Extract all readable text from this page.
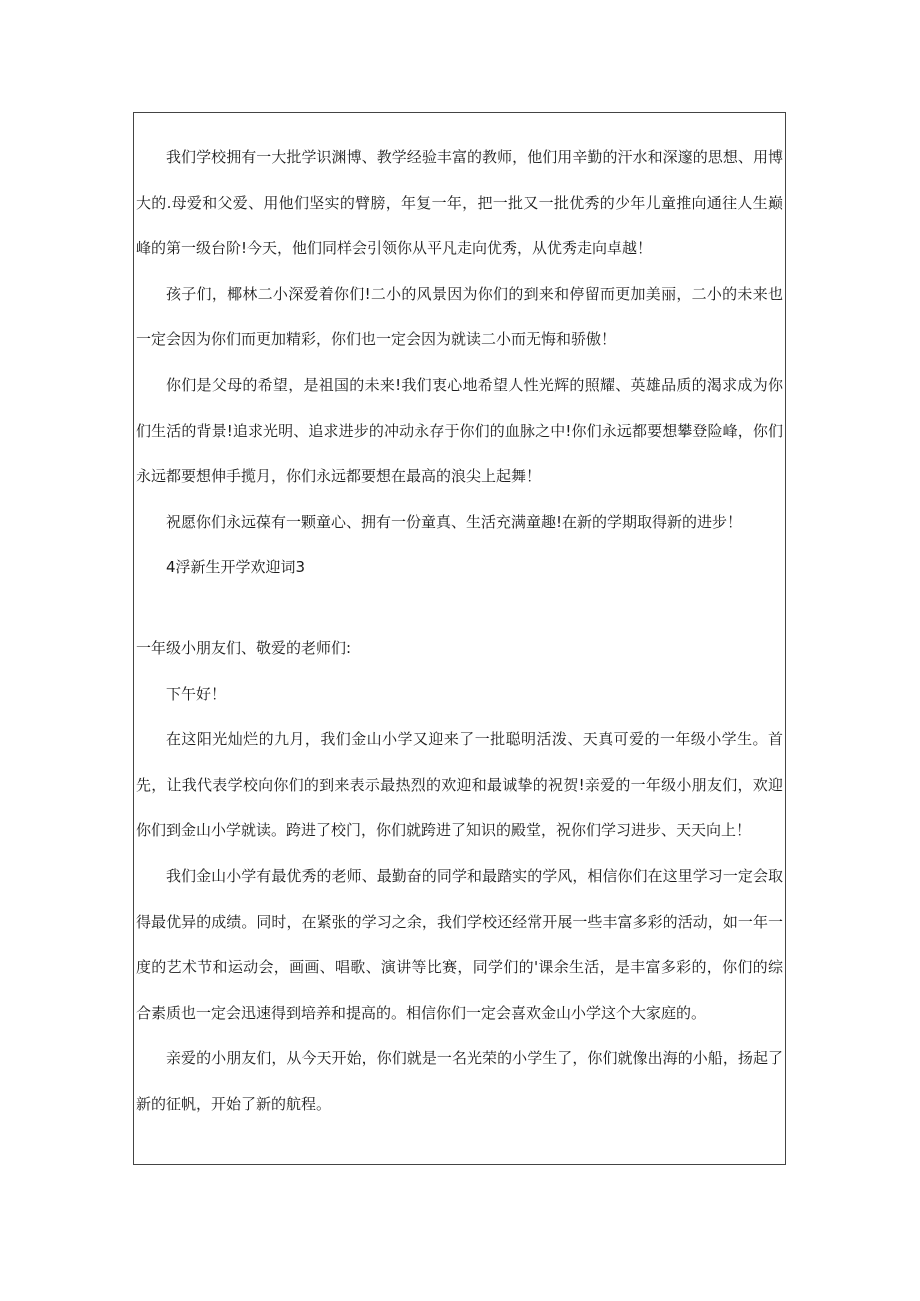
我们学校拥有一大批学识渊博、教学经验丰富的教师，他们用辛勤的汗水和深邃的思想、用博大的.母爱和父爱、用他们坚实的臂膀，年复一年，把一批又一批优秀的少年儿童推向通往人生巅峰的第一级台阶!今天，他们同样会引领你从平凡走向优秀，从优秀走向卓越！

孩子们，椰林二小深爱着你们!二小的风景因为你们的到来和停留而更加美丽，二小的未来也一定会因为你们而更加精彩，你们也一定会因为就读二小而无悔和骄傲！

你们是父母的希望，是祖国的未来!我们衷心地希望人性光辉的照耀、英雄品质的渴求成为你们生活的背景!追求光明、追求进步的冲动永存于你们的血脉之中!你们永远都要想攀登险峰，你们永远都要想伸手揽月，你们永远都要想在最高的浪尖上起舞！

祝愿你们永远葆有一颗童心、拥有一份童真、生活充满童趣!在新的学期取得新的进步！

4浮新生开学欢迎词3

一年级小朋友们、敬爱的老师们:

下午好！

在这阳光灿烂的九月，我们金山小学又迎来了一批聪明活泼、天真可爱的一年级小学生。首先，让我代表学校向你们的到来表示最热烈的欢迎和最诚挚的祝贺!亲爱的一年级小朋友们，欢迎你们到金山小学就读。跨进了校门，你们就跨进了知识的殿堂，祝你们学习进步、天天向上！

我们金山小学有最优秀的老师、最勤奋的同学和最踏实的学风，相信你们在这里学习一定会取得最优异的成绩。同时，在紧张的学习之余，我们学校还经常开展一些丰富多彩的活动，如一年一度的艺术节和运动会，画画、唱歌、演讲等比赛，同学们的'课余生活，是丰富多彩的，你们的综合素质也一定会迅速得到培养和提高的。相信你们一定会喜欢金山小学这个大家庭的。

亲爱的小朋友们，从今天开始，你们就是一名光荣的小学生了，你们就像出海的小船，扬起了新的征帆，开始了新的航程。
